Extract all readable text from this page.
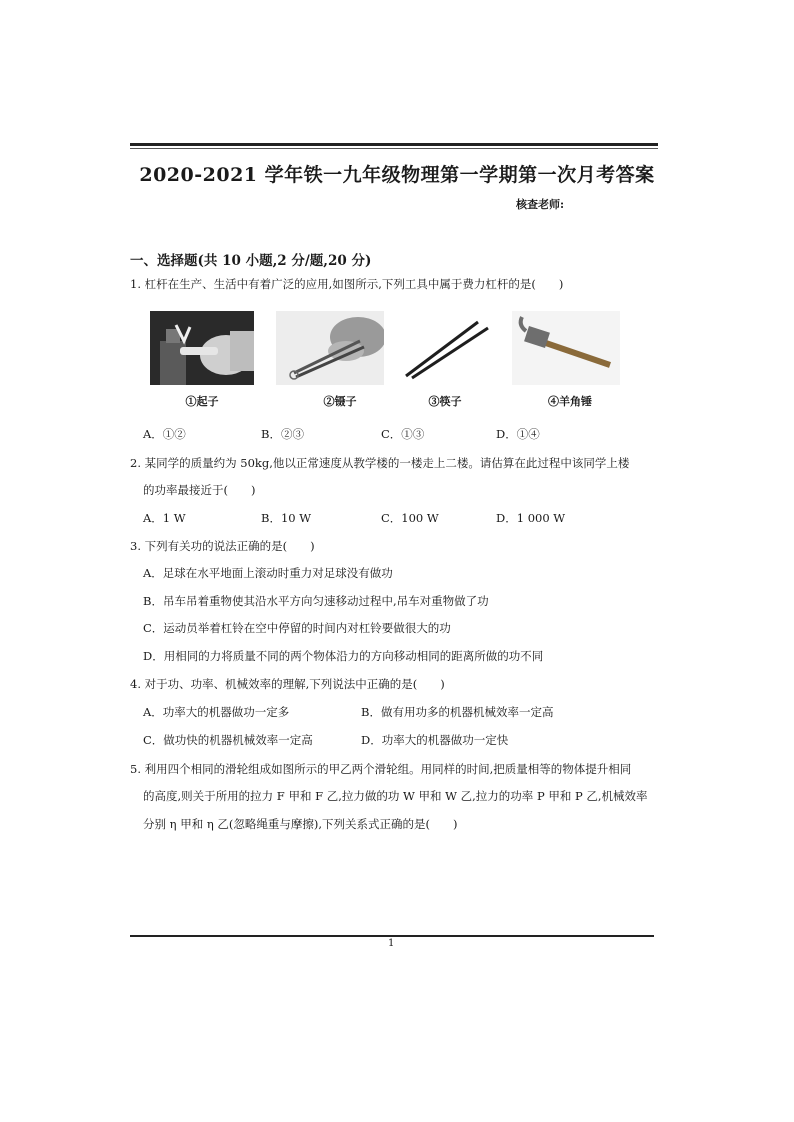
2020-2021 学年铁一九年级物理第一学期第一次月考答案
核查老师:
一、选择题(共 10 小题,2 分/题,20 分)
1. 杠杆在生产、生活中有着广泛的应用,如图所示,下列工具中属于费力杠杆的是(　　)
①起子	②镊子	③筷子	④羊角锤
A．①②	B．②③	C．①③	D．①④
2. 某同学的质量约为 50kg,他以正常速度从教学楼的一楼走上二楼。请估算在此过程中该同学上楼
的功率最接近于(　　)
A．1 W	B．10 W	C．100 W	D．1 000 W
3. 下列有关功的说法正确的是(　　)
A．足球在水平地面上滚动时重力对足球没有做功
B．吊车吊着重物使其沿水平方向匀速移动过程中,吊车对重物做了功
C．运动员举着杠铃在空中停留的时间内对杠铃要做很大的功
D．用相同的力将质量不同的两个物体沿力的方向移动相同的距离所做的功不同
4. 对于功、功率、机械效率的理解,下列说法中正确的是(　　)
A．功率大的机器做功一定多	B．做有用功多的机器机械效率一定高
C．做功快的机器机械效率一定高	D．功率大的机器做功一定快
5. 利用四个相同的滑轮组成如图所示的甲乙两个滑轮组。用同样的时间,把质量相等的物体提升相同
的高度,则关于所用的拉力 F 甲和 F 乙,拉力做的功 W 甲和 W 乙,拉力的功率 P 甲和 P 乙,机械效率
分别 η 甲和 η 乙(忽略绳重与摩擦),下列关系式正确的是(　　)
1
